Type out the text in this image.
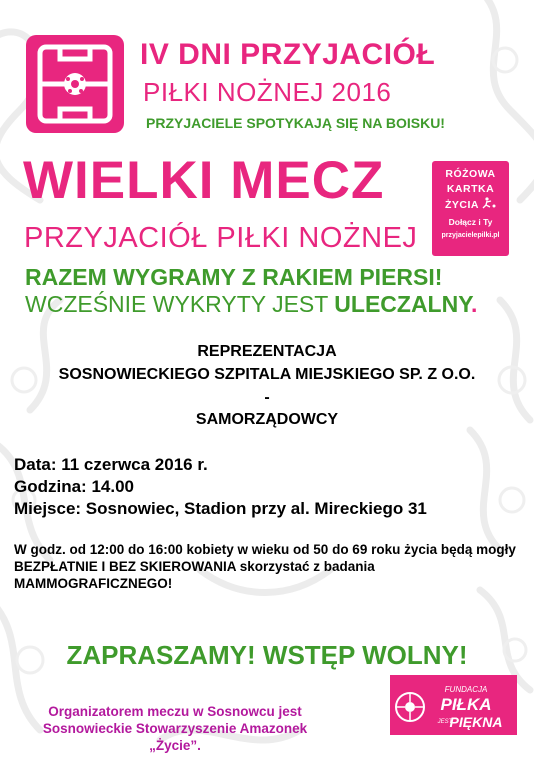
IV DNI PRZYJACIÓŁ
PIŁKI NOŻNEJ 2016
PRZYJACIELE SPOTYKAJĄ SIĘ NA BOISKU!
WIELKI MECZ
PRZYJACIÓŁ PIŁKI NOŻNEJ
RÓŻOWA
KARTKA
ŻYCIA
Dołącz i Ty
przyjacielepilki.pl
RAZEM WYGRAMY Z RAKIEM PIERSI!
WCZEŚNIE WYKRYTY JEST ULECZALNY.
REPREZENTACJA
SOSNOWIECKIEGO SZPITALA MIEJSKIEGO SP. Z O.O.
-
SAMORZĄDOWCY
Data: 11 czerwca 2016 r.
Godzina: 14.00
Miejsce: Sosnowiec, Stadion przy al. Mireckiego 31
W godz. od 12:00 do 16:00 kobiety w wieku od 50 do 69 roku życia będą mogły BEZPŁATNIE I BEZ SKIEROWANIA skorzystać z badania MAMMOGRAFICZNEGO!
ZAPRASZAMY! WSTĘP WOLNY!
Organizatorem meczu w Sosnowcu jest
Sosnowieckie Stowarzyszenie Amazonek
„Życie”.
FUNDACJA
PIŁKA
JEST
PIĘKNA
